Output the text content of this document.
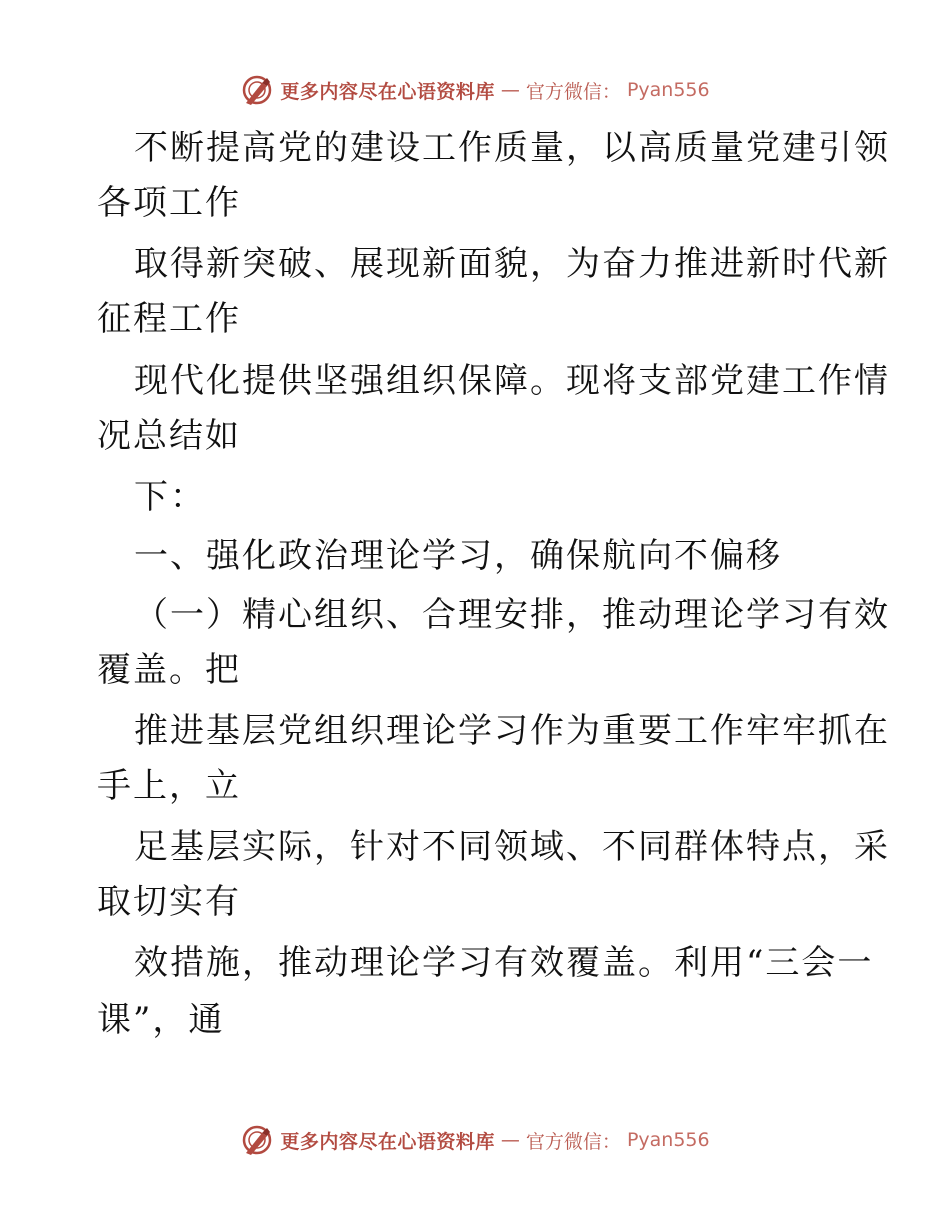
更多内容尽在心语资料库 — 官方微信： Pyan556
不断提高党的建设工作质量，以高质量党建引领
各项工作
取得新突破、展现新面貌，为奋力推进新时代新
征程工作
现代化提供坚强组织保障。现将支部党建工作情
况总结如
下：
一、强化政治理论学习，确保航向不偏移
（一）精心组织、合理安排，推动理论学习有效
覆盖。把
推进基层党组织理论学习作为重要工作牢牢抓在
手上，立
足基层实际，针对不同领域、不同群体特点，采
取切实有
效措施，推动理论学习有效覆盖。利用“三会一
课”，通
更多内容尽在心语资料库 — 官方微信： Pyan556
